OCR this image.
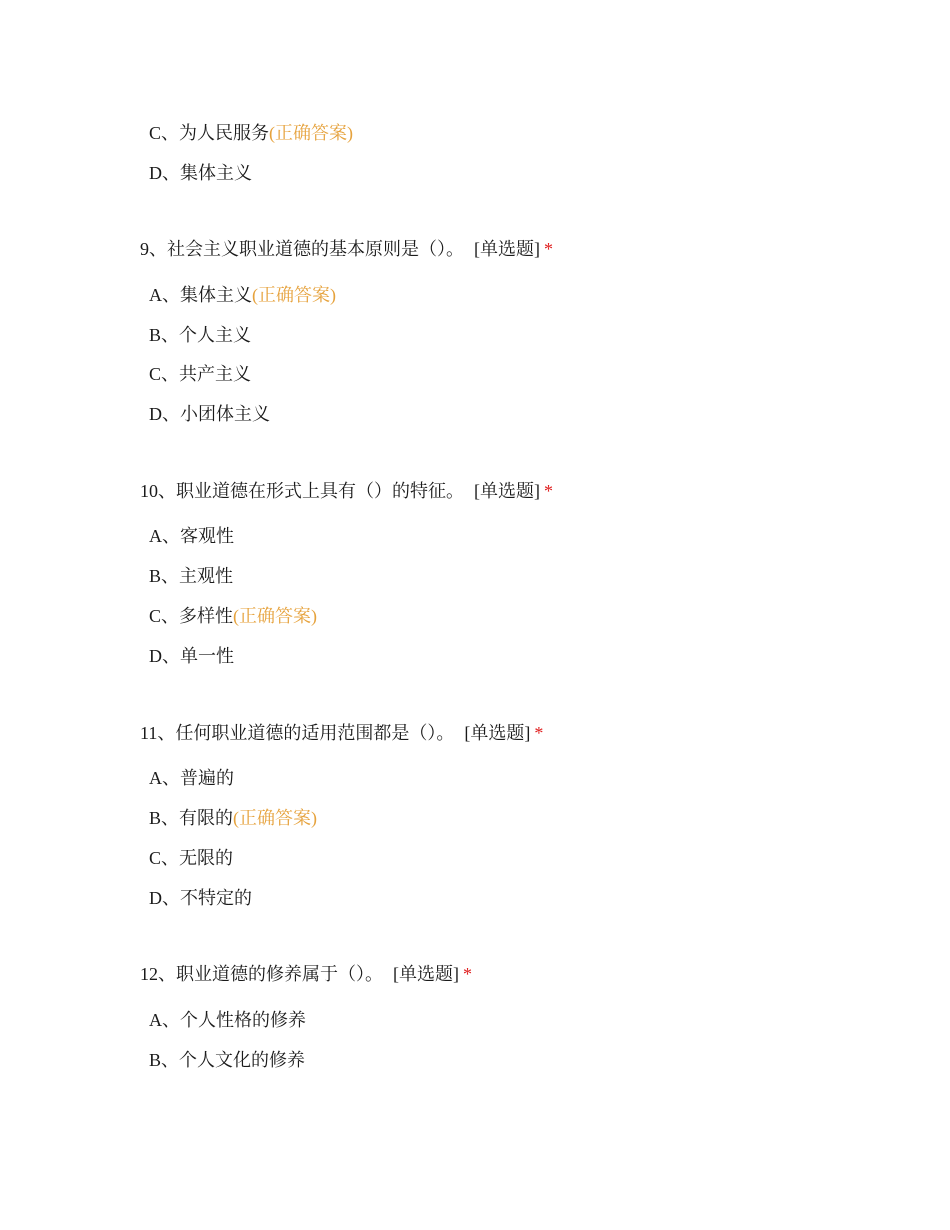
C、为人民服务(正确答案)
D、集体主义
9、社会主义职业道德的基本原则是（）。 [单选题] *
A、集体主义(正确答案)
B、个人主义
C、共产主义
D、小团体主义
10、职业道德在形式上具有（）的特征。 [单选题] *
A、客观性
B、主观性
C、多样性(正确答案)
D、单一性
11、任何职业道德的适用范围都是（）。 [单选题] *
A、普遍的
B、有限的(正确答案)
C、无限的
D、不特定的
12、职业道德的修养属于（）。 [单选题] *
A、个人性格的修养
B、个人文化的修养
